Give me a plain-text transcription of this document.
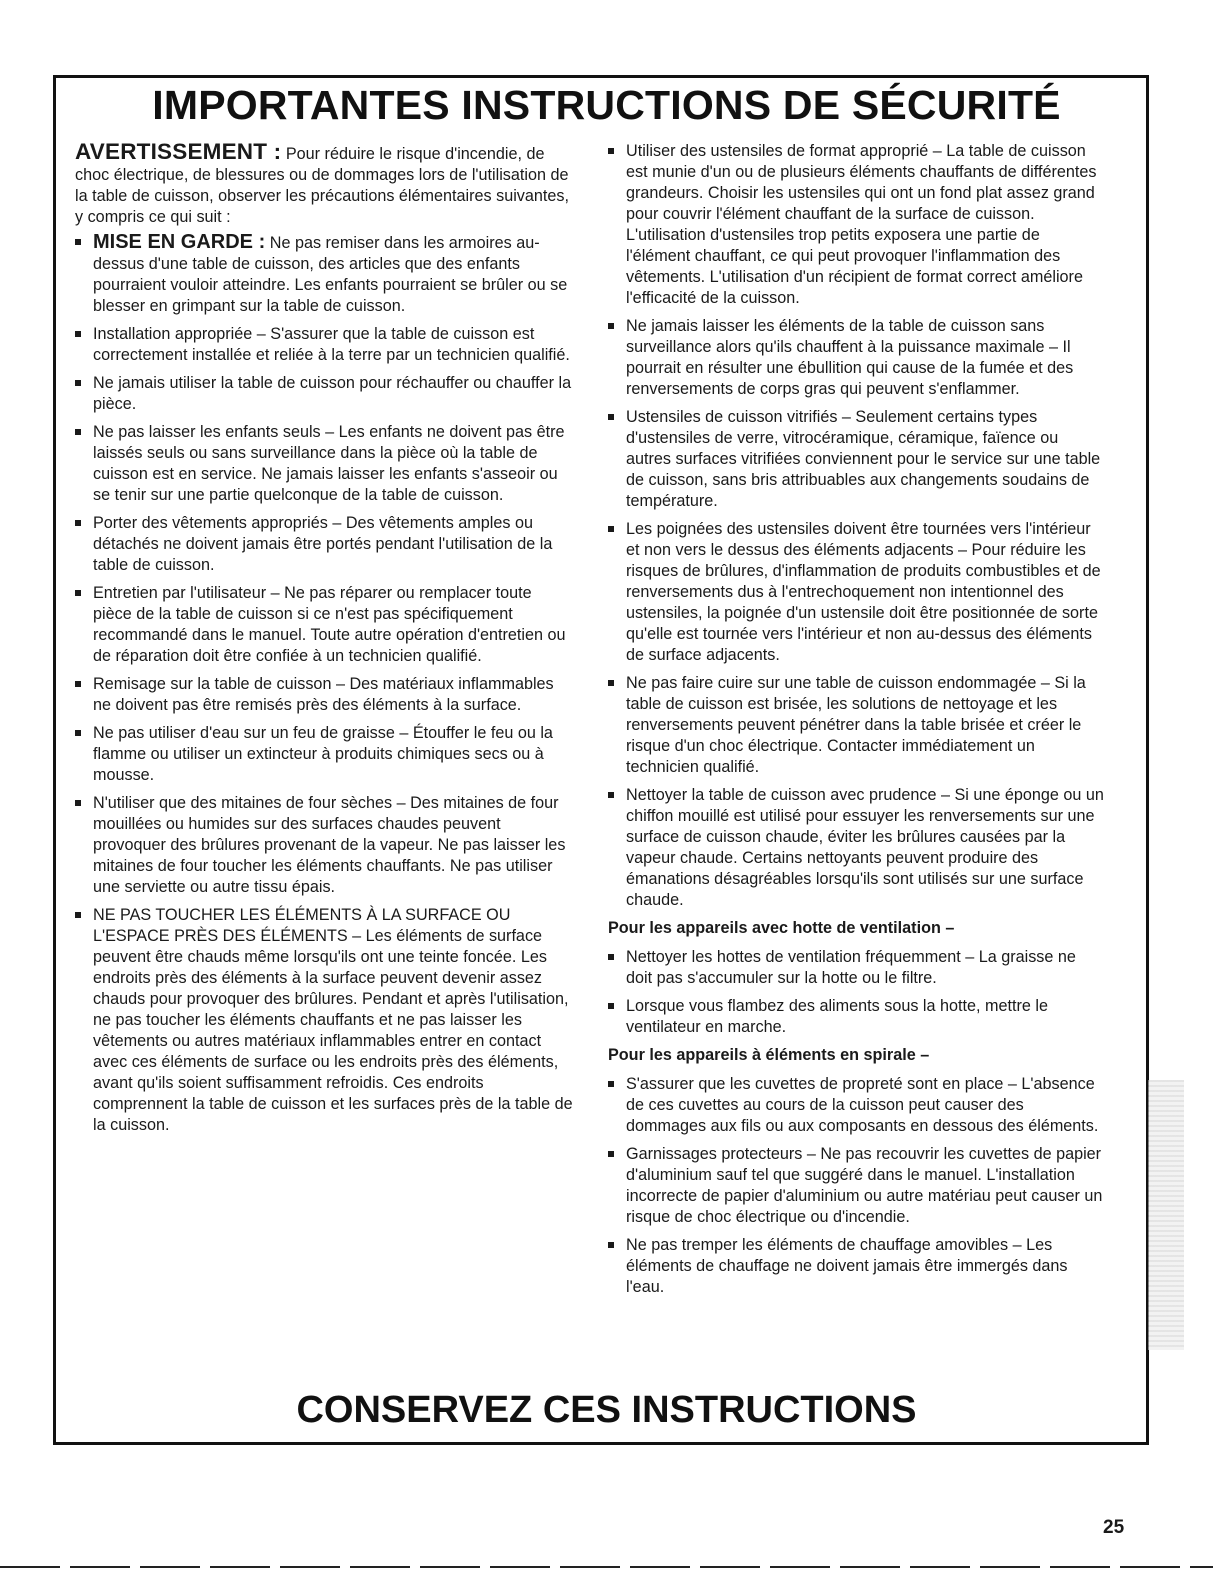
IMPORTANTES INSTRUCTIONS DE SÉCURITÉ

AVERTISSEMENT : Pour réduire le risque d'incendie, de choc électrique, de blessures ou de dommages lors de l'utilisation de la table de cuisson, observer les précautions élémentaires suivantes, y compris ce qui suit :

MISE EN GARDE : Ne pas remiser dans les armoires au-dessus d'une table de cuisson, des articles que des enfants pourraient vouloir atteindre. Les enfants pourraient se brûler ou se blesser en grimpant sur la table de cuisson.
Installation appropriée – S'assurer que la table de cuisson est correctement installée et reliée à la terre par un technicien qualifié.
Ne jamais utiliser la table de cuisson pour réchauffer ou chauffer la pièce.
Ne pas laisser les enfants seuls – Les enfants ne doivent pas être laissés seuls ou sans surveillance dans la pièce où la table de cuisson est en service. Ne jamais laisser les enfants s'asseoir ou se tenir sur une partie quelconque de la table de cuisson.
Porter des vêtements appropriés – Des vêtements amples ou détachés ne doivent jamais être portés pendant l'utilisation de la table de cuisson.
Entretien par l'utilisateur – Ne pas réparer ou remplacer toute pièce de la table de cuisson si ce n'est pas spécifiquement recommandé dans le manuel. Toute autre opération d'entretien ou de réparation doit être confiée à un technicien qualifié.
Remisage sur la table de cuisson – Des matériaux inflammables ne doivent pas être remisés près des éléments à la surface.
Ne pas utiliser d'eau sur un feu de graisse – Étouffer le feu ou la flamme ou utiliser un extincteur à produits chimiques secs ou à mousse.
N'utiliser que des mitaines de four sèches – Des mitaines de four mouillées ou humides sur des surfaces chaudes peuvent provoquer des brûlures provenant de la vapeur. Ne pas laisser les mitaines de four toucher les éléments chauffants. Ne pas utiliser une serviette ou autre tissu épais.
NE PAS TOUCHER LES ÉLÉMENTS À LA SURFACE OU L'ESPACE PRÈS DES ÉLÉMENTS – Les éléments de surface peuvent être chauds même lorsqu'ils ont une teinte foncée. Les endroits près des éléments à la surface peuvent devenir assez chauds pour provoquer des brûlures. Pendant et après l'utilisation, ne pas toucher les éléments chauffants et ne pas laisser les vêtements ou autres matériaux inflammables entrer en contact avec ces éléments de surface ou les endroits près des éléments, avant qu'ils soient suffisamment refroidis. Ces endroits comprennent la table de cuisson et les surfaces près de la table de la cuisson.
Utiliser des ustensiles de format approprié – La table de cuisson est munie d'un ou de plusieurs éléments chauffants de différentes grandeurs. Choisir les ustensiles qui ont un fond plat assez grand pour couvrir l'élément chauffant de la surface de cuisson. L'utilisation d'ustensiles trop petits exposera une partie de l'élément chauffant, ce qui peut provoquer l'inflammation des vêtements. L'utilisation d'un récipient de format correct améliore l'efficacité de la cuisson.
Ne jamais laisser les éléments de la table de cuisson sans surveillance alors qu'ils chauffent à la puissance maximale – Il pourrait en résulter une ébullition qui cause de la fumée et des renversements de corps gras qui peuvent s'enflammer.
Ustensiles de cuisson vitrifiés – Seulement certains types d'ustensiles de verre, vitrocéramique, céramique, faïence ou autres surfaces vitrifiées conviennent pour le service sur une table de cuisson, sans bris attribuables aux changements soudains de température.
Les poignées des ustensiles doivent être tournées vers l'intérieur et non vers le dessus des éléments adjacents – Pour réduire les risques de brûlures, d'inflammation de produits combustibles et de renversements dus à l'entrechoquement non intentionnel des ustensiles, la poignée d'un ustensile doit être positionnée de sorte qu'elle est tournée vers l'intérieur et non au-dessus des éléments de surface adjacents.
Ne pas faire cuire sur une table de cuisson endommagée – Si la table de cuisson est brisée, les solutions de nettoyage et les renversements peuvent pénétrer dans la table brisée et créer le risque d'un choc électrique. Contacter immédiatement un technicien qualifié.
Nettoyer la table de cuisson avec prudence – Si une éponge ou un chiffon mouillé est utilisé pour essuyer les renversements sur une surface de cuisson chaude, éviter les brûlures causées par la vapeur chaude. Certains nettoyants peuvent produire des émanations désagréables lorsqu'ils sont utilisés sur une surface chaude.
Pour les appareils avec hotte de ventilation –
Nettoyer les hottes de ventilation fréquemment – La graisse ne doit pas s'accumuler sur la hotte ou le filtre.
Lorsque vous flambez des aliments sous la hotte, mettre le ventilateur en marche.
Pour les appareils à éléments en spirale –
S'assurer que les cuvettes de propreté sont en place – L'absence de ces cuvettes au cours de la cuisson peut causer des dommages aux fils ou aux composants en dessous des éléments.
Garnissages protecteurs – Ne pas recouvrir les cuvettes de papier d'aluminium sauf tel que suggéré dans le manuel. L'installation incorrecte de papier d'aluminium ou autre matériau peut causer un risque de choc électrique ou d'incendie.
Ne pas tremper les éléments de chauffage amovibles – Les éléments de chauffage ne doivent jamais être immergés dans l'eau.
CONSERVEZ CES INSTRUCTIONS
25
